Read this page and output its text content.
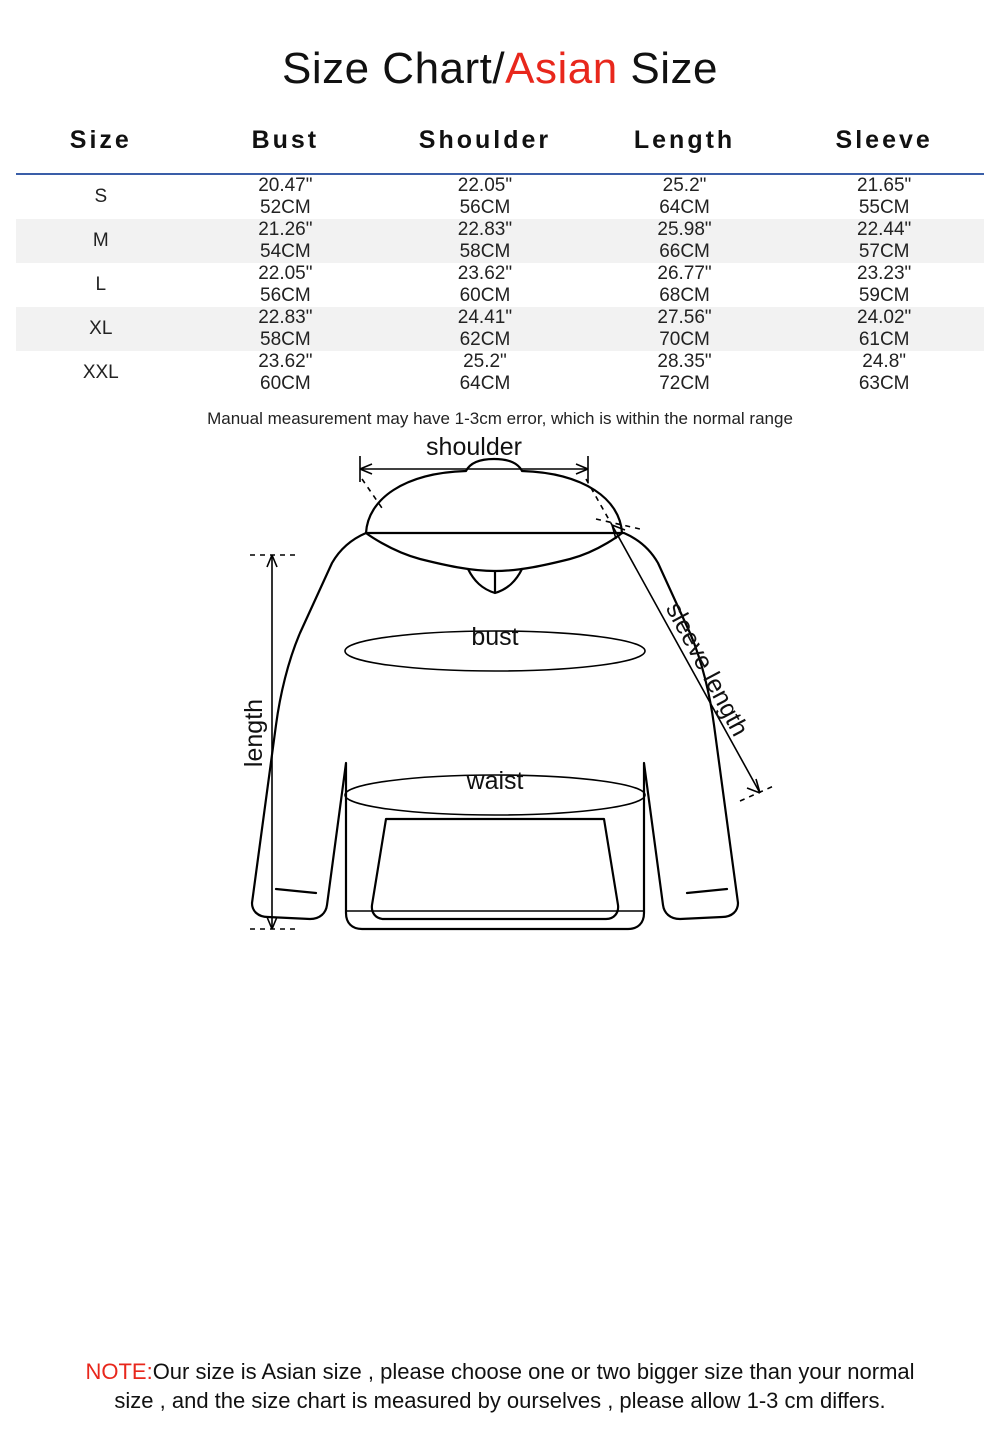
Size Chart/Asian Size
Size	Bust	Shoulder	Length	Sleeve
S	20.47"	22.05"	25.2"	21.65"
	52CM	56CM	64CM	55CM
M	21.26"	22.83"	25.98"	22.44"
	54CM	58CM	66CM	57CM
L	22.05"	23.62"	26.77"	23.23"
	56CM	60CM	68CM	59CM
XL	22.83"	24.41"	27.56"	24.02"
	58CM	62CM	70CM	61CM
XXL	23.62"	25.2"	28.35"	24.8"
	60CM	64CM	72CM	63CM

Manual measurement may have 1-3cm error, which is within the normal range

shoulder
bust
waist
length	sleeve length
NOTE:Our size is Asian size , please choose one or two bigger size than your normal
size , and the size chart is measured by ourselves , please allow 1-3 cm differs.
